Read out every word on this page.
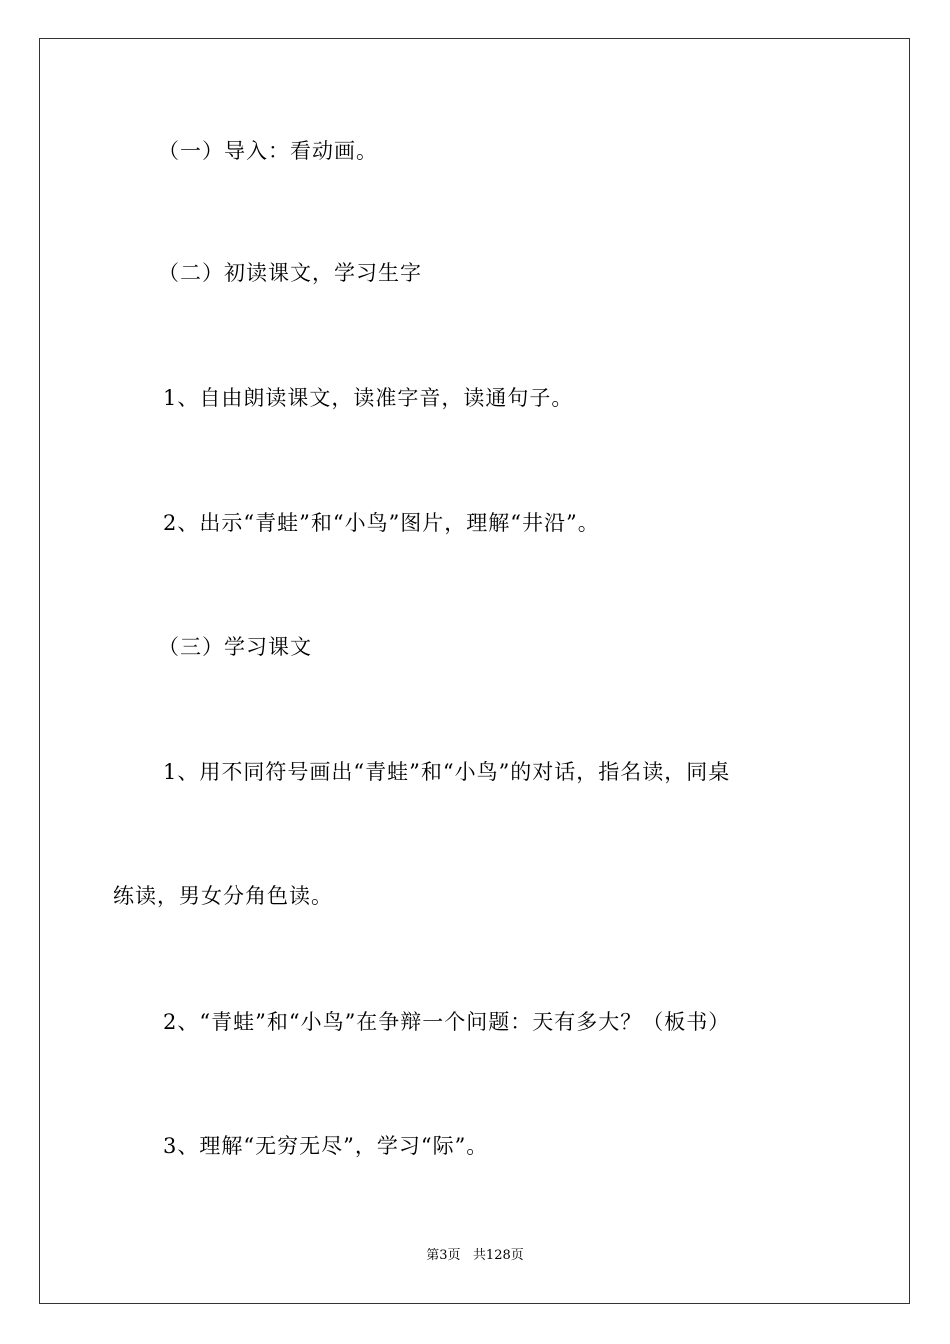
（一）导入：看动画。
（二）初读课文，学习生字
1、自由朗读课文，读准字音，读通句子。
2、出示“青蛙”和“小鸟”图片，理解“井沿”。
（三）学习课文
1、用不同符号画出“青蛙”和“小鸟”的对话，指名读，同桌
练读，男女分角色读。
2、“青蛙”和“小鸟”在争辩一个问题：天有多大？（板书）
3、理解“无穷无尽”，学习“际”。
第3页 共128页
